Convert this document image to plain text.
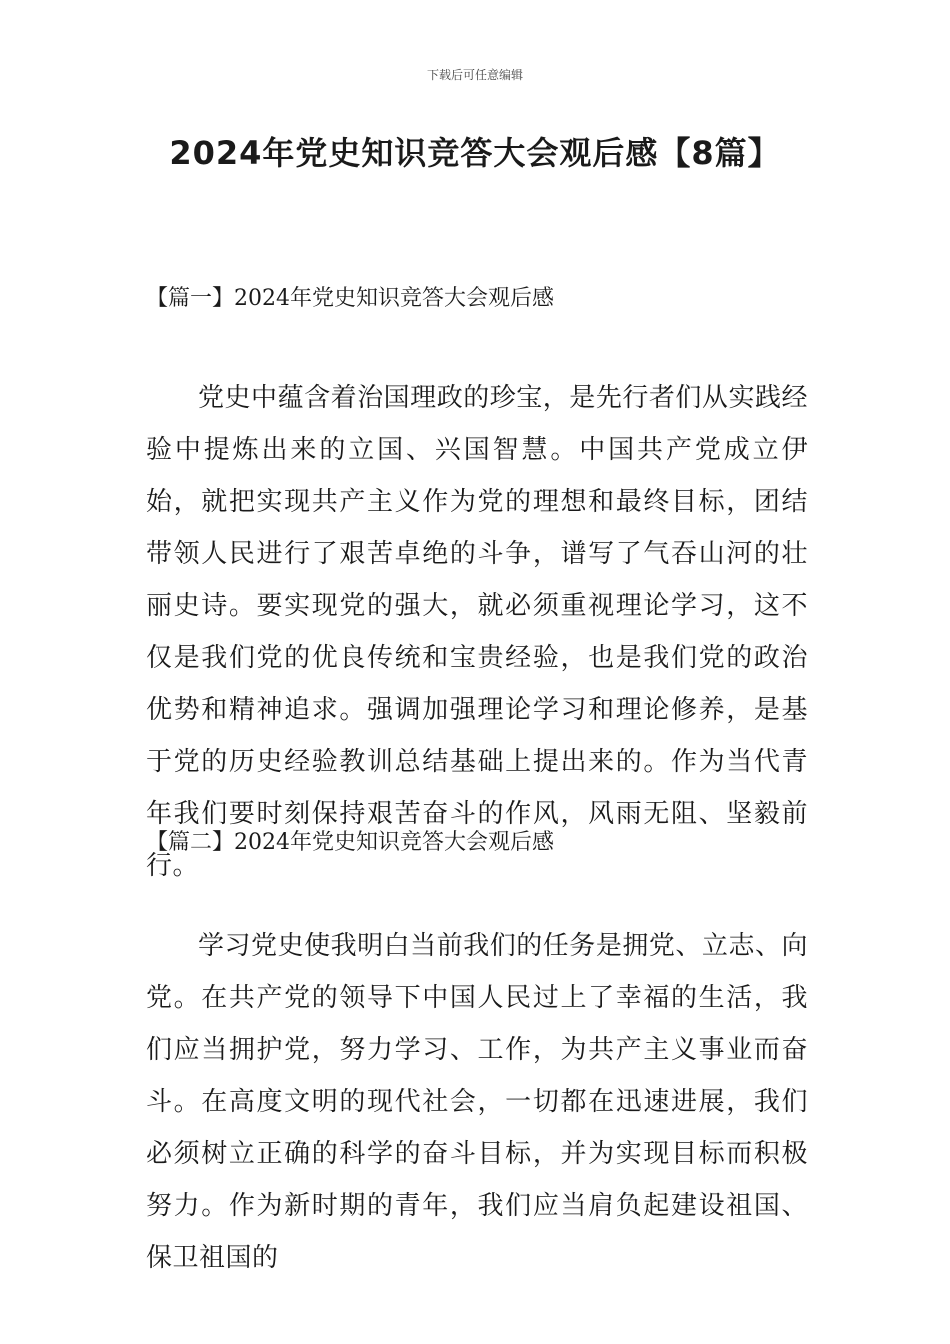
下载后可任意编辑
2024年党史知识竞答大会观后感【8篇】
【篇一】2024年党史知识竞答大会观后感

党史中蕴含着治国理政的珍宝，是先行者们从实践经验中提炼出来的立国、兴国智慧。中国共产党成立伊始，就把实现共产主义作为党的理想和最终目标，团结带领人民进行了艰苦卓绝的斗争，谱写了气吞山河的壮丽史诗。要实现党的强大，就必须重视理论学习，这不仅是我们党的优良传统和宝贵经验，也是我们党的政治优势和精神追求。强调加强理论学习和理论修养，是基于党的历史经验教训总结基础上提出来的。作为当代青年我们要时刻保持艰苦奋斗的作风，风雨无阻、坚毅前行。

【篇二】2024年党史知识竞答大会观后感

学习党史使我明白当前我们的任务是拥党、立志、向党。在共产党的领导下中国人民过上了幸福的生活，我们应当拥护党，努力学习、工作，为共产主义事业而奋斗。在高度文明的现代社会，一切都在迅速进展，我们必须树立正确的科学的奋斗目标，并为实现目标而积极努力。作为新时期的青年，我们应当肩负起建设祖国、保卫祖国的
